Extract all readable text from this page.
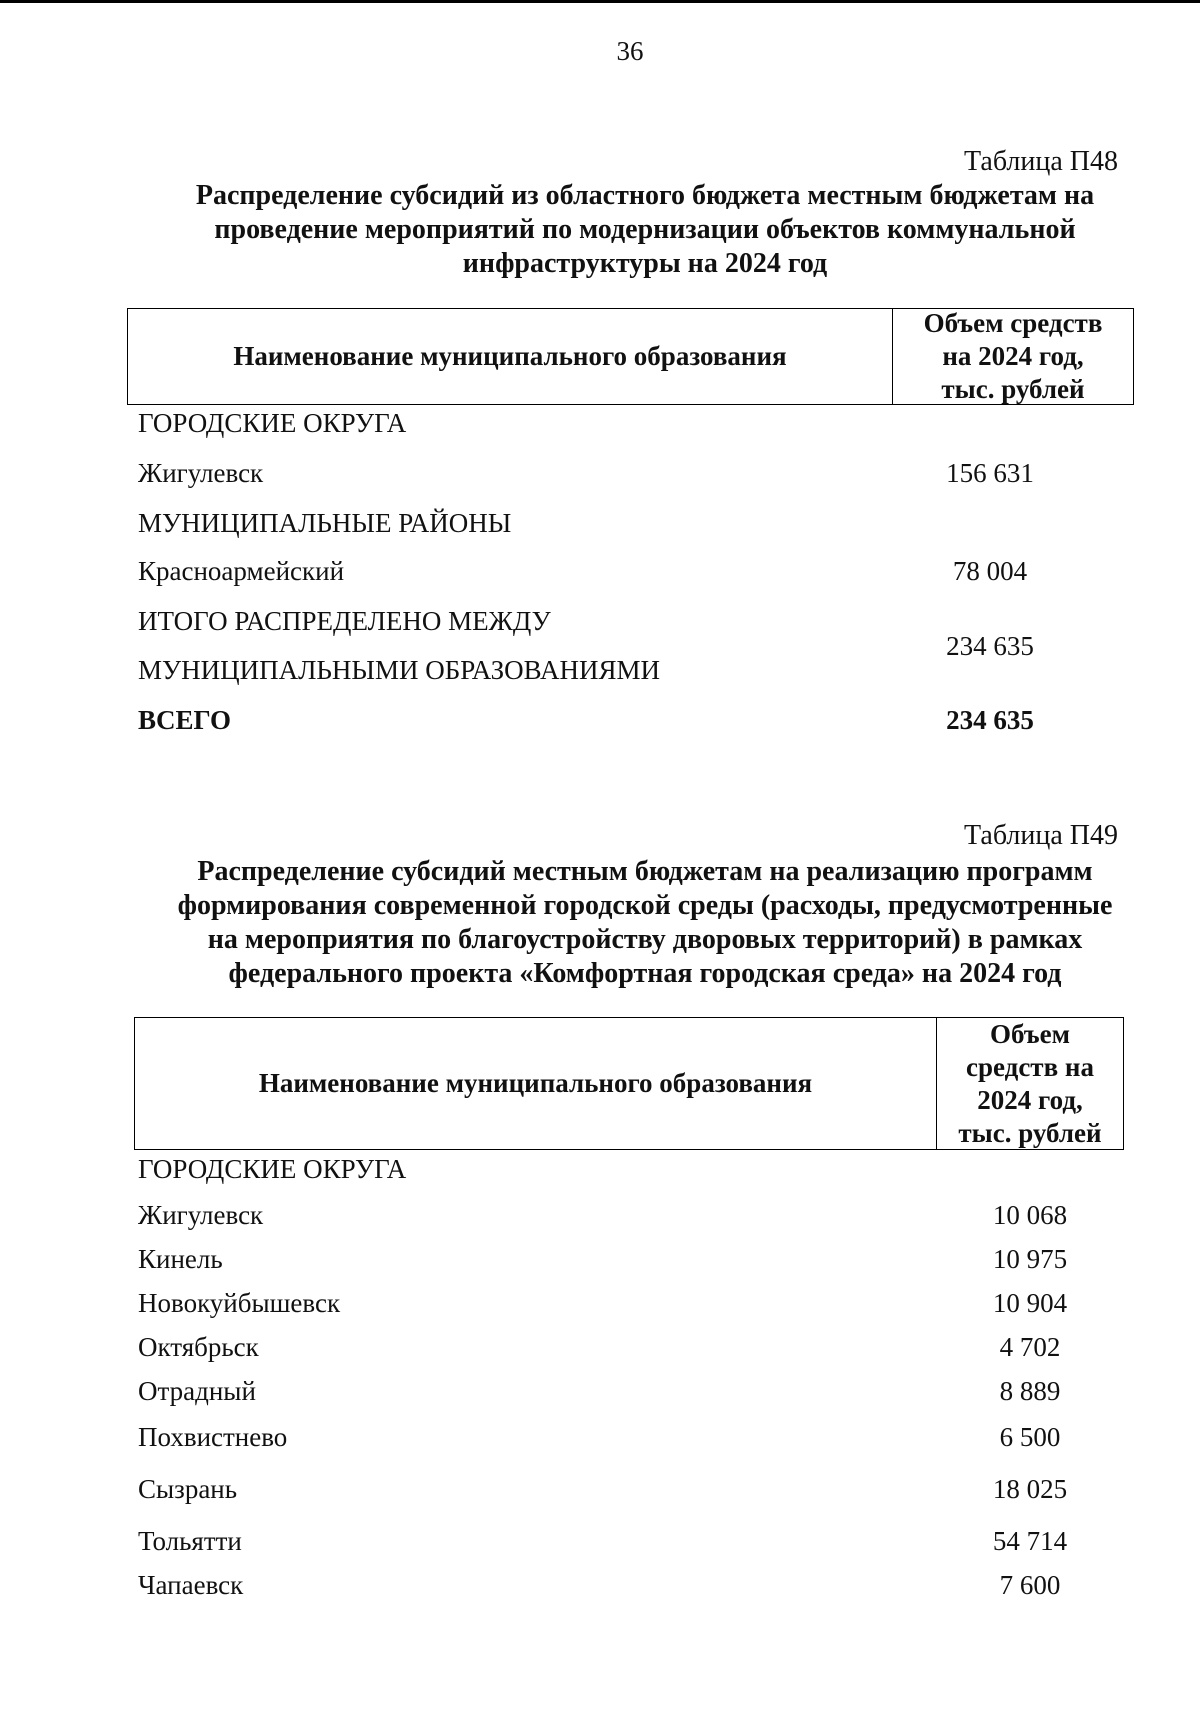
36
Таблица П48
Распределение субсидий из областного бюджета местным бюджетам на
проведение мероприятий по модернизации объектов коммунальной
инфраструктуры на 2024 год
Наименование муниципального образования
Объем средств
на 2024 год,
тыс. рублей
ГОРОДСКИЕ ОКРУГА
Жигулевск	156 631
МУНИЦИПАЛЬНЫЕ РАЙОНЫ
Красноармейский	78 004
ИТОГО РАСПРЕДЕЛЕНО МЕЖДУ
МУНИЦИПАЛЬНЫМИ ОБРАЗОВАНИЯМИ
234 635
ВСЕГО	234 635
Таблица П49
Распределение субсидий местным бюджетам на реализацию программ
формирования современной городской среды (расходы, предусмотренные
на мероприятия по благоустройству дворовых территорий) в рамках
федерального проекта «Комфортная городская среда» на 2024 год
Наименование муниципального образования
Объем
средств на
2024 год,
тыс. рублей
ГОРОДСКИЕ ОКРУГА
Жигулевск	10 068
Кинель	10 975
Новокуйбышевск	10 904
Октябрьск	4 702
Отрадный	8 889
Похвистнево	6 500
Сызрань	18 025
Тольятти	54 714
Чапаевск	7 600
